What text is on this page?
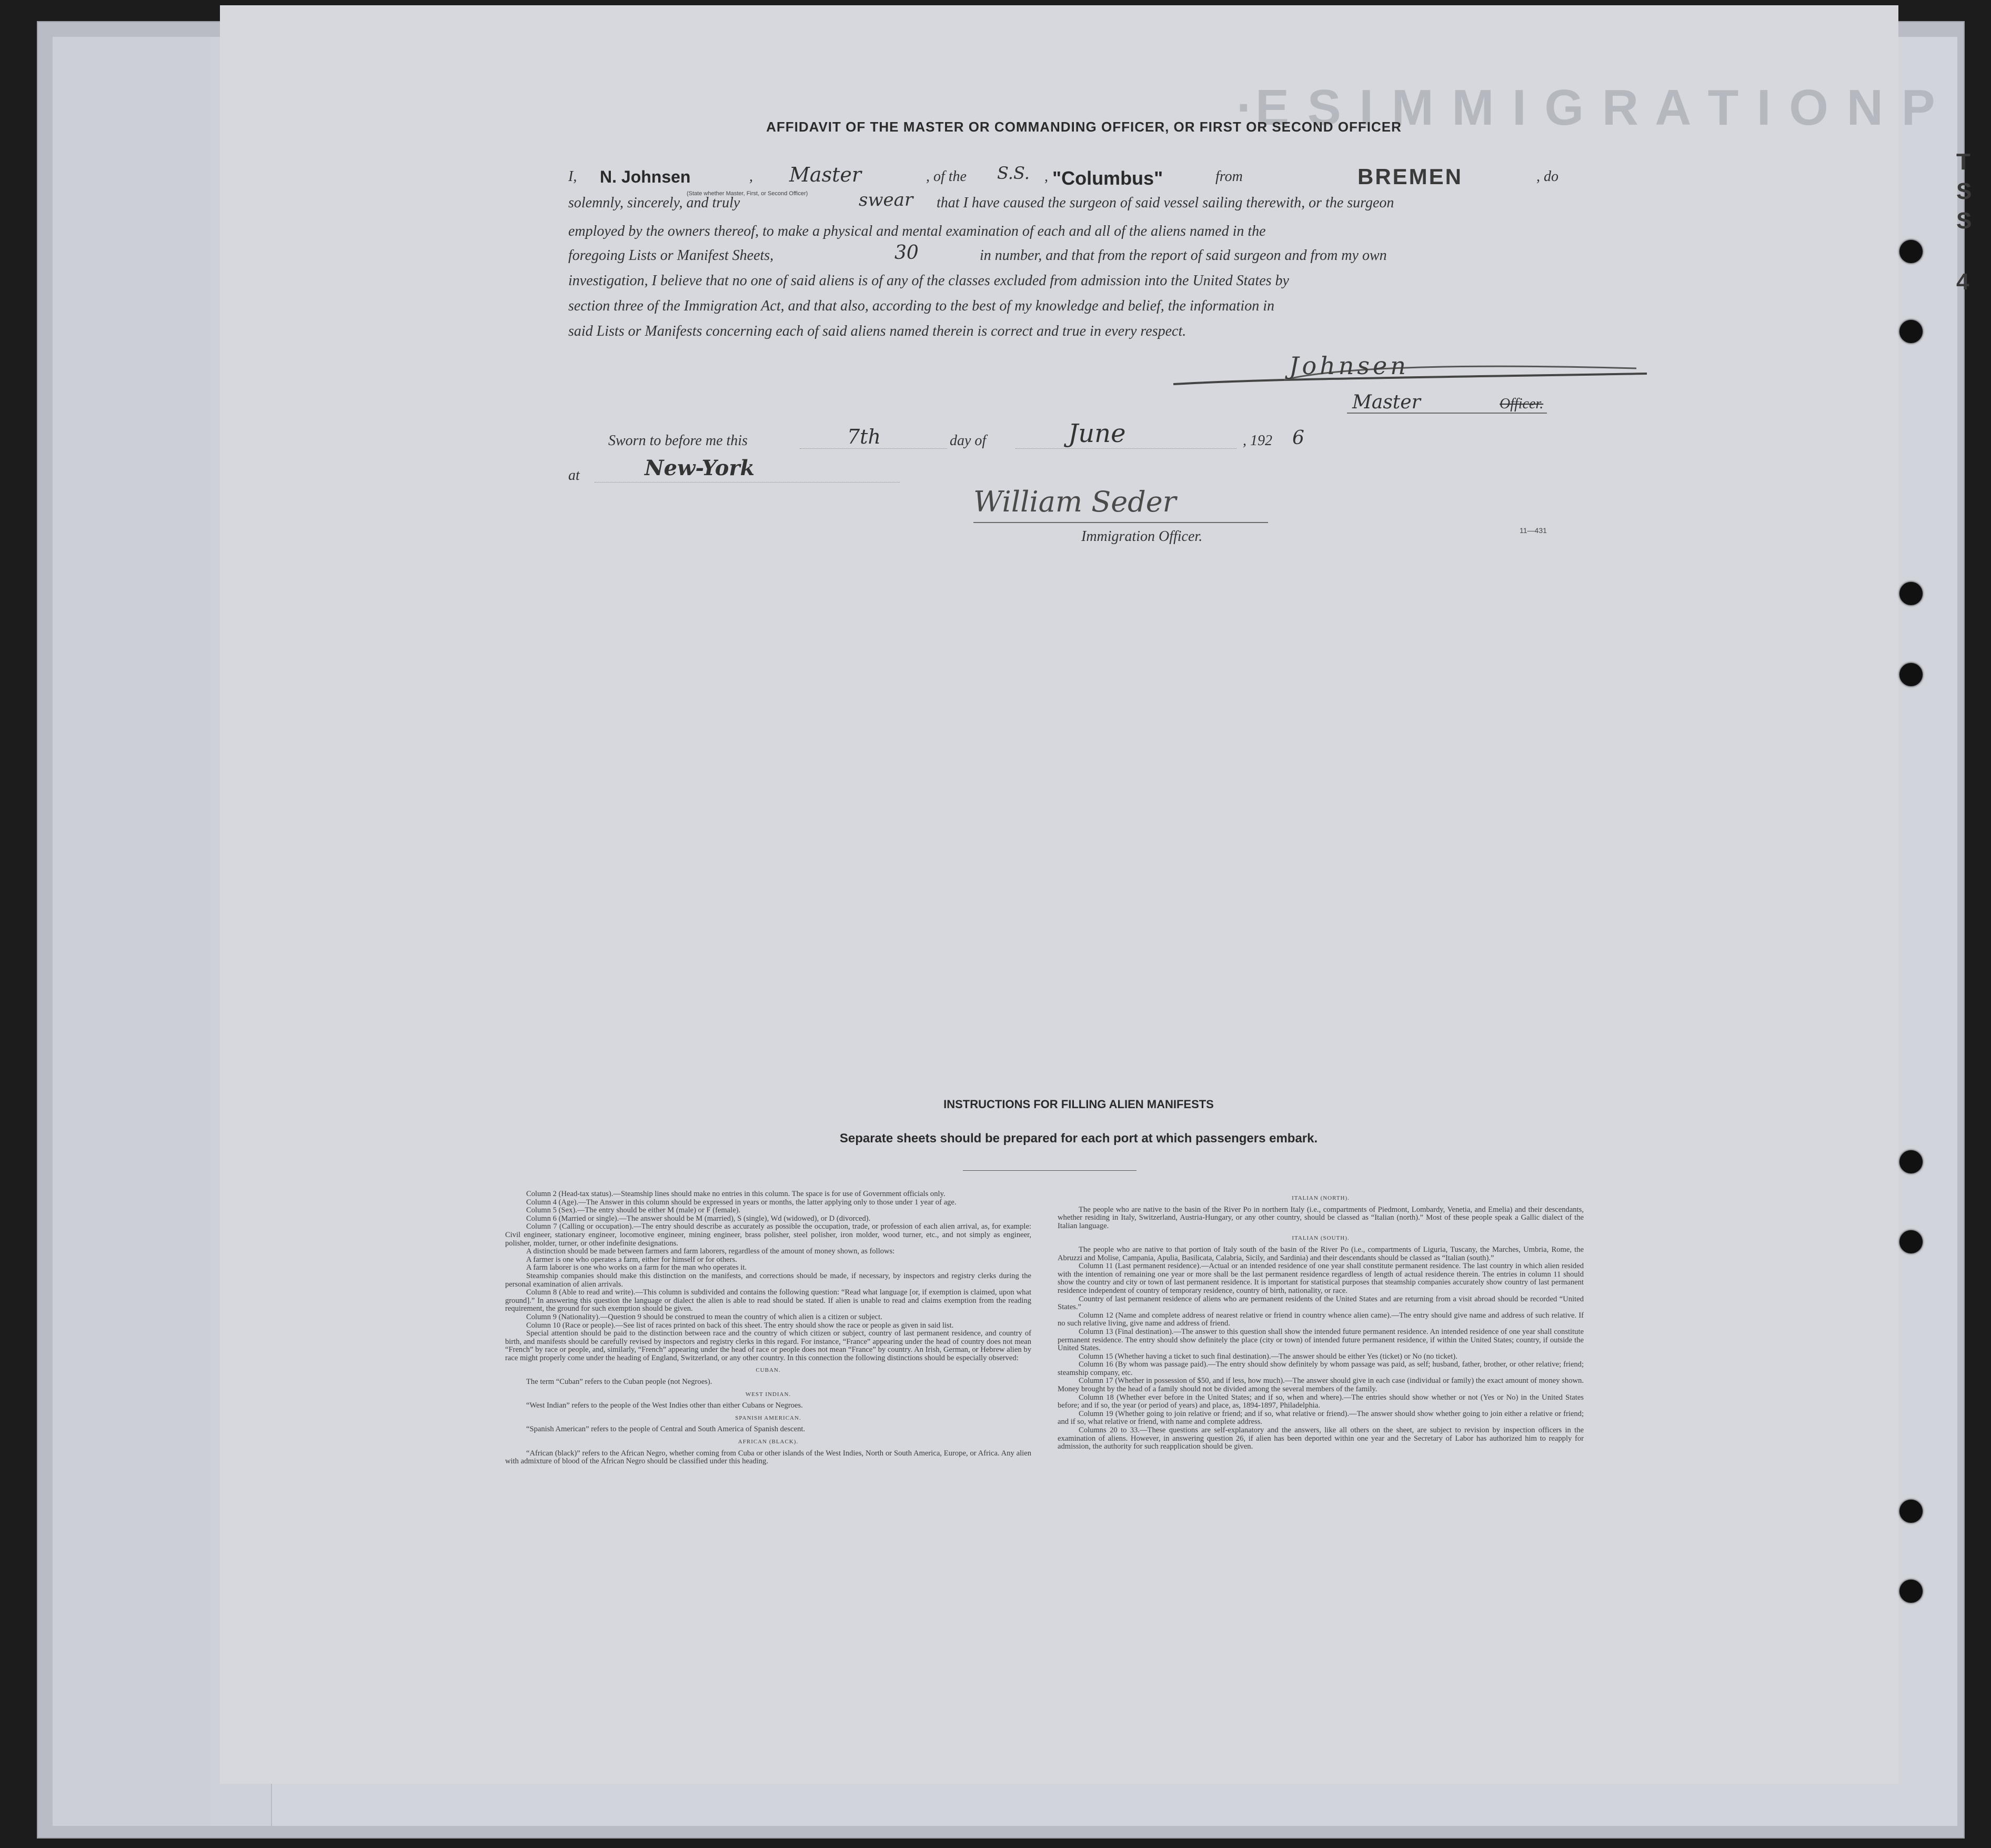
·E S I M M I G R A T I O N P
T
S
S
4
AFFIDAVIT OF THE MASTER OR COMMANDING OFFICER, OR FIRST OR SECOND OFFICER
I, N. Johnsen	,	Master	, of the	S.S. , "Columbus"	from	BREMEN	, do
(State whether Master, First, or Second Officer)
solemnly, sincerely, and truly	swear that I have caused the surgeon of said vessel sailing therewith, or the surgeon
employed by the owners thereof, to make a physical and mental examination of each and all of the aliens named in the
foregoing Lists or Manifest Sheets,	30	in number, and that from the report of said surgeon and from my own
investigation, I believe that no one of said aliens is of any of the classes excluded from admission into the United States by
section three of the Immigration Act, and that also, according to the best of my knowledge and belief, the information in
said Lists or Manifests concerning each of said aliens named therein is correct and true in every respect.
Johnsen
Master	Officer.
Sworn to before me this	7th	day of	June	, 192 6
at	New-York
William Seder
Immigration Officer.	11—431
INSTRUCTIONS FOR FILLING ALIEN MANIFESTS
Separate sheets should be prepared for each port at which passengers embark.

Column 2 (Head-tax status).—Steamship lines should make no entries in this column. The space is for use of Government officials only.

Column 4 (Age).—The Answer in this column should be expressed in years or months, the latter applying only to those under 1 year of age.

Column 5 (Sex).—The entry should be either M (male) or F (female).

Column 6 (Married or single).—The answer should be M (married), S (single), Wd (widowed), or D (divorced).

Column 7 (Calling or occupation).—The entry should describe as accurately as possible the occupation, trade, or profession of each alien arrival, as, for example: Civil engineer, stationary engineer, locomotive engineer, mining engineer, brass polisher, steel polisher, iron molder, wood turner, etc., and not simply as engineer, polisher, molder, turner, or other indefinite designations.

A distinction should be made between farmers and farm laborers, regardless of the amount of money shown, as follows:

A farmer is one who operates a farm, either for himself or for others.

A farm laborer is one who works on a farm for the man who operates it.

Steamship companies should make this distinction on the manifests, and corrections should be made, if necessary, by inspectors and registry clerks during the personal examination of alien arrivals.

Column 8 (Able to read and write).—This column is subdivided and contains the following question: “Read what language [or, if exemption is claimed, upon what ground].” In answering this question the language or dialect the alien is able to read should be stated. If alien is unable to read and claims exemption from the reading requirement, the ground for such exemption should be given.

Column 9 (Nationality).—Question 9 should be construed to mean the country of which alien is a citizen or subject.

Column 10 (Race or people).—See list of races printed on back of this sheet. The entry should show the race or people as given in said list.

Special attention should be paid to the distinction between race and the country of which citizen or subject, country of last permanent residence, and country of birth, and manifests should be carefully revised by inspectors and registry clerks in this regard. For instance, “France” appearing under the head of country does not mean “French” by race or people, and, similarly, “French” appearing under the head of race or people does not mean “France” by country. An Irish, German, or Hebrew alien by race might properly come under the heading of England, Switzerland, or any other country. In this connection the following distinctions should be especially observed:

CUBAN.

The term “Cuban” refers to the Cuban people (not Negroes).

WEST INDIAN.

“West Indian” refers to the people of the West Indies other than either Cubans or Negroes.

SPANISH AMERICAN.

“Spanish American” refers to the people of Central and South America of Spanish descent.

AFRICAN (BLACK).

“African (black)” refers to the African Negro, whether coming from Cuba or other islands of the West Indies, North or South America, Europe, or Africa. Any alien with admixture of blood of the African Negro should be classified under this heading.

ITALIAN (NORTH).

The people who are native to the basin of the River Po in northern Italy (i.e., compartments of Piedmont, Lombardy, Venetia, and Emelia) and their descendants, whether residing in Italy, Switzerland, Austria-Hungary, or any other country, should be classed as “Italian (north).” Most of these people speak a Gallic dialect of the Italian language.

ITALIAN (SOUTH).

The people who are native to that portion of Italy south of the basin of the River Po (i.e., compartments of Liguria, Tuscany, the Marches, Umbria, Rome, the Abruzzi and Molise, Campania, Apulia, Basilicata, Calabria, Sicily, and Sardinia) and their descendants should be classed as “Italian (south).”

Column 11 (Last permanent residence).—Actual or an intended residence of one year shall constitute permanent residence. The last country in which alien resided with the intention of remaining one year or more shall be the last permanent residence regardless of length of actual residence therein. The entries in column 11 should show the country and city or town of last permanent residence. It is important for statistical purposes that steamship companies accurately show country of last permanent residence independent of country of temporary residence, country of birth, nationality, or race.

Country of last permanent residence of aliens who are permanent residents of the United States and are returning from a visit abroad should be recorded “United States.”

Column 12 (Name and complete address of nearest relative or friend in country whence alien came).—The entry should give name and address of such relative. If no such relative living, give name and address of friend.

Column 13 (Final destination).—The answer to this question shall show the intended future permanent residence. An intended residence of one year shall constitute permanent residence. The entry should show definitely the place (city or town) of intended future permanent residence, if within the United States; country, if outside the United States.

Column 15 (Whether having a ticket to such final destination).—The answer should be either Yes (ticket) or No (no ticket).

Column 16 (By whom was passage paid).—The entry should show definitely by whom passage was paid, as self; husband, father, brother, or other relative; friend; steamship company, etc.

Column 17 (Whether in possession of $50, and if less, how much).—The answer should give in each case (individual or family) the exact amount of money shown. Money brought by the head of a family should not be divided among the several members of the family.

Column 18 (Whether ever before in the United States; and if so, when and where).—The entries should show whether or not (Yes or No) in the United States before; and if so, the year (or period of years) and place, as, 1894-1897, Philadelphia.

Column 19 (Whether going to join relative or friend; and if so, what relative or friend).—The answer should show whether going to join either a relative or friend; and if so, what relative or friend, with name and complete address.

Columns 20 to 33.—These questions are self-explanatory and the answers, like all others on the sheet, are subject to revision by inspection officers in the examination of aliens. However, in answering question 26, if alien has been deported within one year and the Secretary of Labor has authorized him to reapply for admission, the authority for such reapplication should be given.
